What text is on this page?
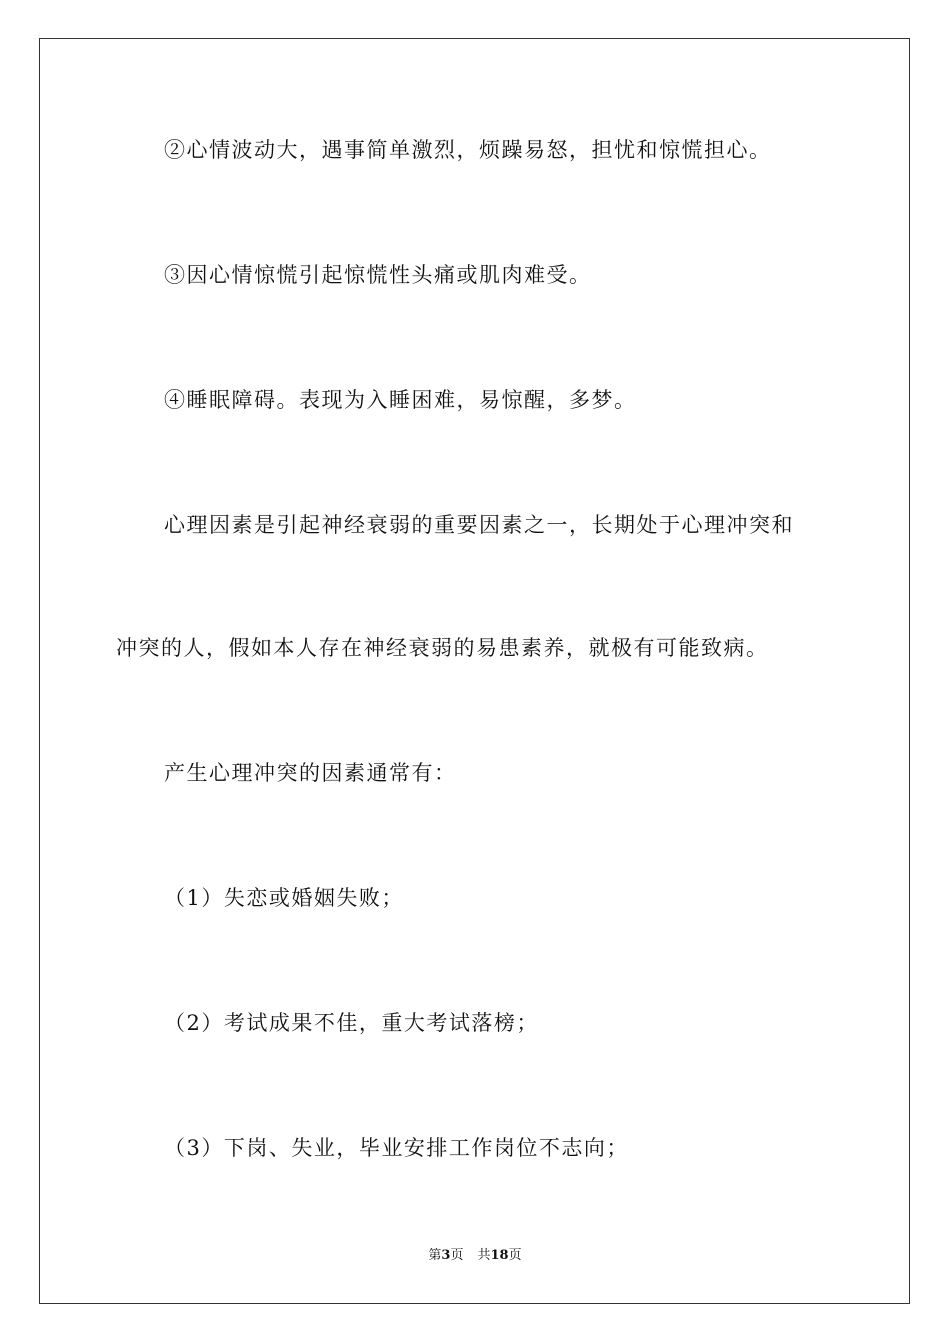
②心情波动大，遇事简单激烈，烦躁易怒，担忧和惊慌担心。
③因心情惊慌引起惊慌性头痛或肌肉难受。
④睡眠障碍。表现为入睡困难，易惊醒，多梦。
心理因素是引起神经衰弱的重要因素之一，长期处于心理冲突和
冲突的人，假如本人存在神经衰弱的易患素养，就极有可能致病。
产生心理冲突的因素通常有：
（1）失恋或婚姻失败；
（2）考试成果不佳，重大考试落榜；
（3）下岗、失业，毕业安排工作岗位不志向；
第3页 共18页
